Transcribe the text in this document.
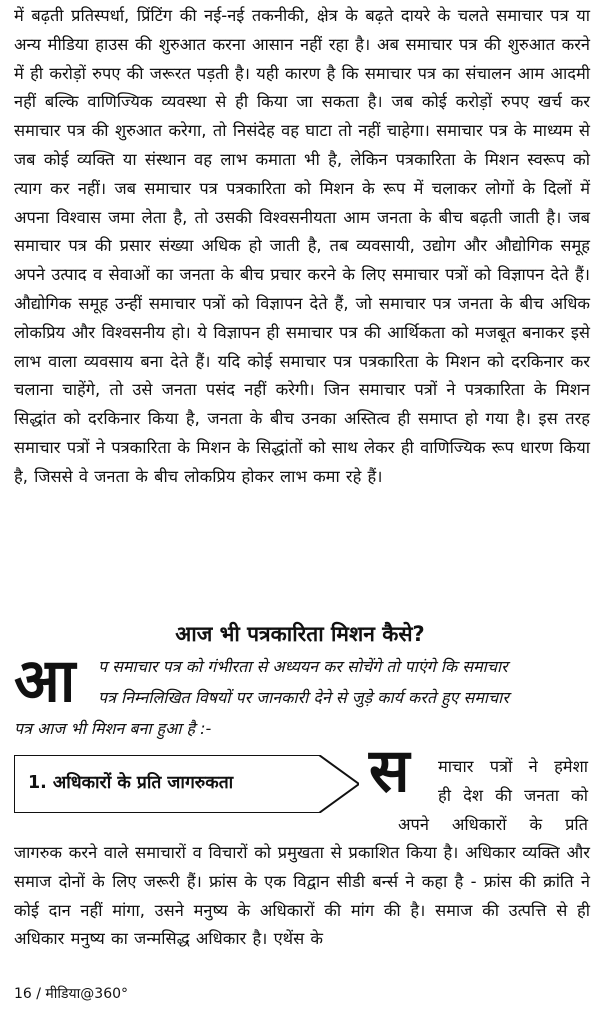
में बढ़ती प्रतिस्पर्धा, प्रिंटिंग की नई-नई तकनीकी, क्षेत्र के बढ़ते दायरे के चलते समाचार पत्र या अन्य मीडिया हाउस की शुरुआत करना आसान नहीं रहा है। अब समाचार पत्र की शुरुआत करने में ही करोड़ों रुपए की जरूरत पड़ती है। यही कारण है कि समाचार पत्र का संचालन आम आदमी नहीं बल्कि वाणिज्यिक व्यवस्था से ही किया जा सकता है। जब कोई करोड़ों रुपए खर्च कर समाचार पत्र की शुरुआत करेगा, तो निसंदेह वह घाटा तो नहीं चाहेगा। समाचार पत्र के माध्यम से जब कोई व्यक्ति या संस्थान वह लाभ कमाता भी है, लेकिन पत्रकारिता के मिशन स्वरूप को त्याग कर नहीं। जब समाचार पत्र पत्रकारिता को मिशन के रूप में चलाकर लोगों के दिलों में अपना विश्वास जमा लेता है, तो उसकी विश्वसनीयता आम जनता के बीच बढ़ती जाती है। जब समाचार पत्र की प्रसार संख्या अधिक हो जाती है, तब व्यवसायी, उद्योग और औद्योगिक समूह अपने उत्पाद व सेवाओं का जनता के बीच प्रचार करने के लिए समाचार पत्रों को विज्ञापन देते हैं। औद्योगिक समूह उन्हीं समाचार पत्रों को विज्ञापन देते हैं, जो समाचार पत्र जनता के बीच अधिक लोकप्रिय और विश्वसनीय हो। ये विज्ञापन ही समाचार पत्र की आर्थिकता को मजबूत बनाकर इसे लाभ वाला व्यवसाय बना देते हैं। यदि कोई समाचार पत्र पत्रकारिता के मिशन को दरकिनार कर चलाना चाहेंगे, तो उसे जनता पसंद नहीं करेगी। जिन समाचार पत्रों ने पत्रकारिता के मिशन सिद्धांत को दरकिनार किया है, जनता के बीच उनका अस्तित्व ही समाप्त हो गया है। इस तरह समाचार पत्रों ने पत्रकारिता के मिशन के सिद्धांतों को साथ लेकर ही वाणिज्यिक रूप धारण किया है, जिससे वे जनता के बीच लोकप्रिय होकर लाभ कमा रहे हैं।

आज भी पत्रकारिता मिशन कैसे?
आ प समाचार पत्र को गंभीरता से अध्ययन कर सोचेंगे तो पाएंगे कि समाचार
पत्र निम्नलिखित विषयों पर जानकारी देने से जुड़े कार्य करते हुए समाचार
पत्र आज भी मिशन बना हुआ है :-
1. अधिकारों के प्रति जागरुकता स माचार पत्रों ने हमेशा
ही देश की जनता को
अपने अधिकारों के प्रति

जागरुक करने वाले समाचारों व विचारों को प्रमुखता से प्रकाशित किया है। अधिकार व्यक्ति और समाज दोनों के लिए जरूरी हैं। फ्रांस के एक विद्वान सीडी बर्न्स ने कहा है - फ्रांस की क्रांति ने कोई दान नहीं मांगा, उसने मनुष्य के अधिकारों की मांग की है। समाज की उत्पत्ति से ही अधिकार मनुष्य का जन्मसिद्ध अधिकार है। एथेंस के

16 / मीडिया@360°
